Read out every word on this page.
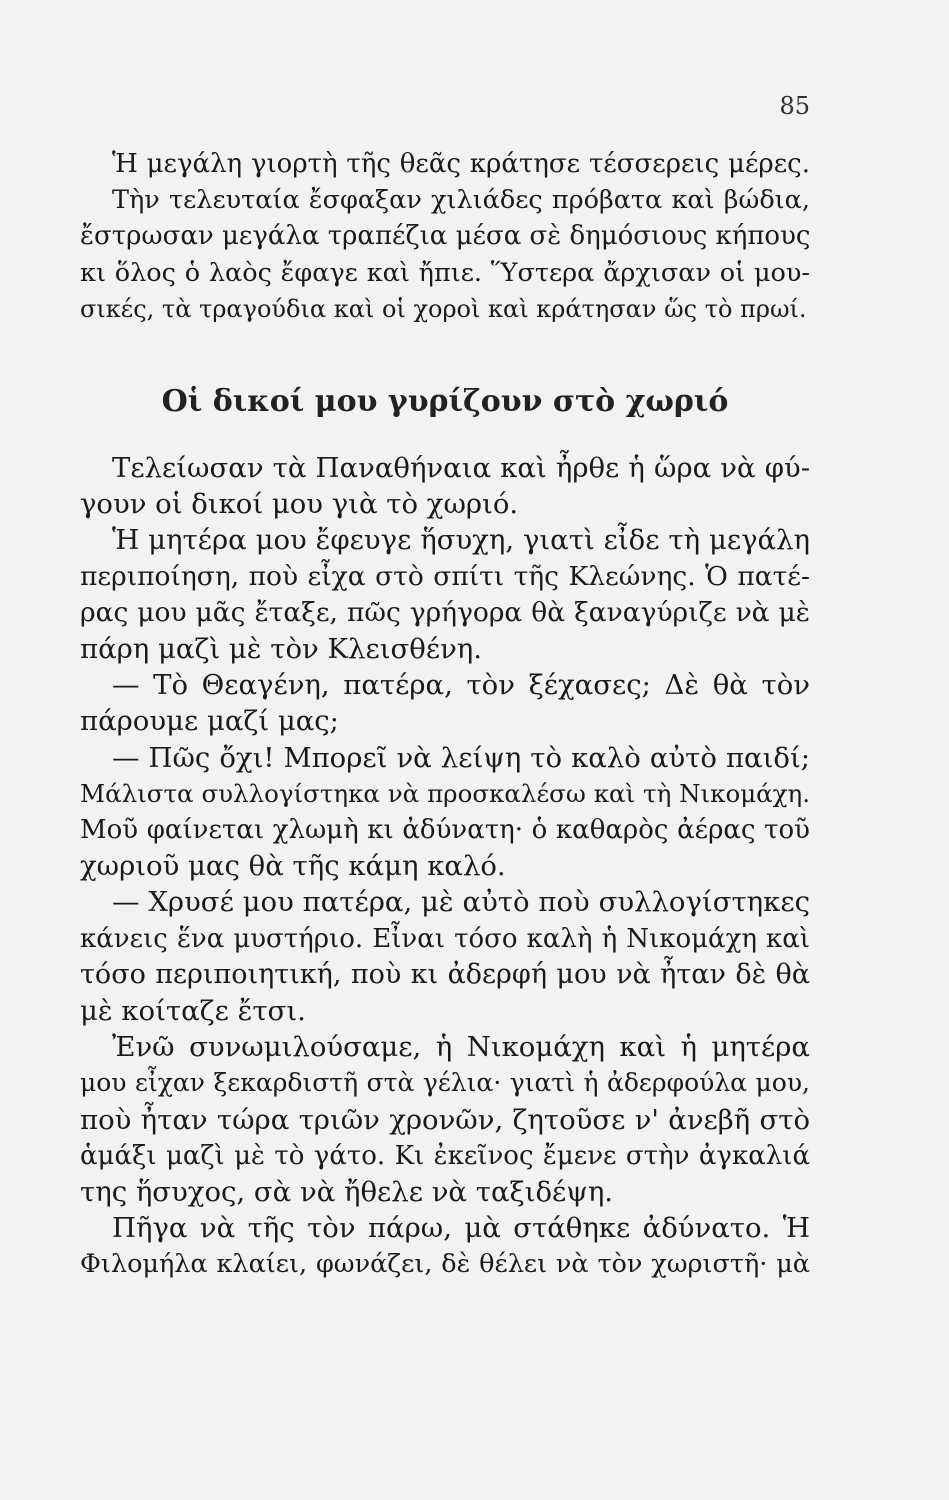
85
Ἡ μεγάλη γιορτὴ τῆς θεᾶς κράτησε τέσσερεις μέρες.
Τὴν τελευταία ἔσφαξαν χιλιάδες πρόβατα καὶ βώδια,
ἔστρωσαν μεγάλα τραπέζια μέσα σὲ δημόσιους κήπους
κι ὅλος ὁ λαὸς ἔφαγε καὶ ἤπιε. Ὕστερα ἄρχισαν οἱ μου-
σικές, τὰ τραγούδια καὶ οἱ χοροὶ καὶ κράτησαν ὥς τὸ πρωί.
Οἱ δικοί μου γυρίζουν στὸ χωριό
Τελείωσαν τὰ Παναθήναια καὶ ἦρθε ἡ ὥρα νὰ φύ-
γουν οἱ δικοί μου γιὰ τὸ χωριό.
Ἡ μητέρα μου ἔφευγε ἥσυχη, γιατὶ εἶδε τὴ μεγάλη
περιποίηση, ποὺ εἶχα στὸ σπίτι τῆς Κλεώνης. Ὁ πατέ-
ρας μου μᾶς ἔταξε, πῶς γρήγορα θὰ ξαναγύριζε νὰ μὲ
πάρη μαζὶ μὲ τὸν Κλεισθένη.
— Τὸ Θεαγένη, πατέρα, τὸν ξέχασες; Δὲ θὰ τὸν
πάρουμε μαζί μας;
— Πῶς ὄχι! Μπορεῖ νὰ λείψη τὸ καλὸ αὐτὸ παιδί;
Μάλιστα συλλογίστηκα νὰ προσκαλέσω καὶ τὴ Νικομάχη.
Μοῦ φαίνεται χλωμὴ κι ἀδύνατη· ὁ καθαρὸς ἀέρας τοῦ
χωριοῦ μας θὰ τῆς κάμη καλό.
— Χρυσέ μου πατέρα, μὲ αὐτὸ ποὺ συλλογίστηκες
κάνεις ἕνα μυστήριο. Εἶναι τόσο καλὴ ἡ Νικομάχη καὶ
τόσο περιποιητική, ποὺ κι ἀδερφή μου νὰ ἦταν δὲ θὰ
μὲ κοίταζε ἔτσι.
Ἐνῶ συνωμιλούσαμε, ἡ Νικομάχη καὶ ἡ μητέρα
μου εἶχαν ξεκαρδιστῆ στὰ γέλια· γιατὶ ἡ ἀδερφούλα μου,
ποὺ ἦταν τώρα τριῶν χρονῶν, ζητοῦσε ν' ἀνεβῆ στὸ
ἁμάξι μαζὶ μὲ τὸ γάτο. Κι ἐκεῖνος ἔμενε στὴν ἀγκαλιά
της ἥσυχος, σὰ νὰ ἤθελε νὰ ταξιδέψη.
Πῆγα νὰ τῆς τὸν πάρω, μὰ στάθηκε ἀδύνατο. Ἡ
Φιλομήλα κλαίει, φωνάζει, δὲ θέλει νὰ τὸν χωριστῆ· μὰ
